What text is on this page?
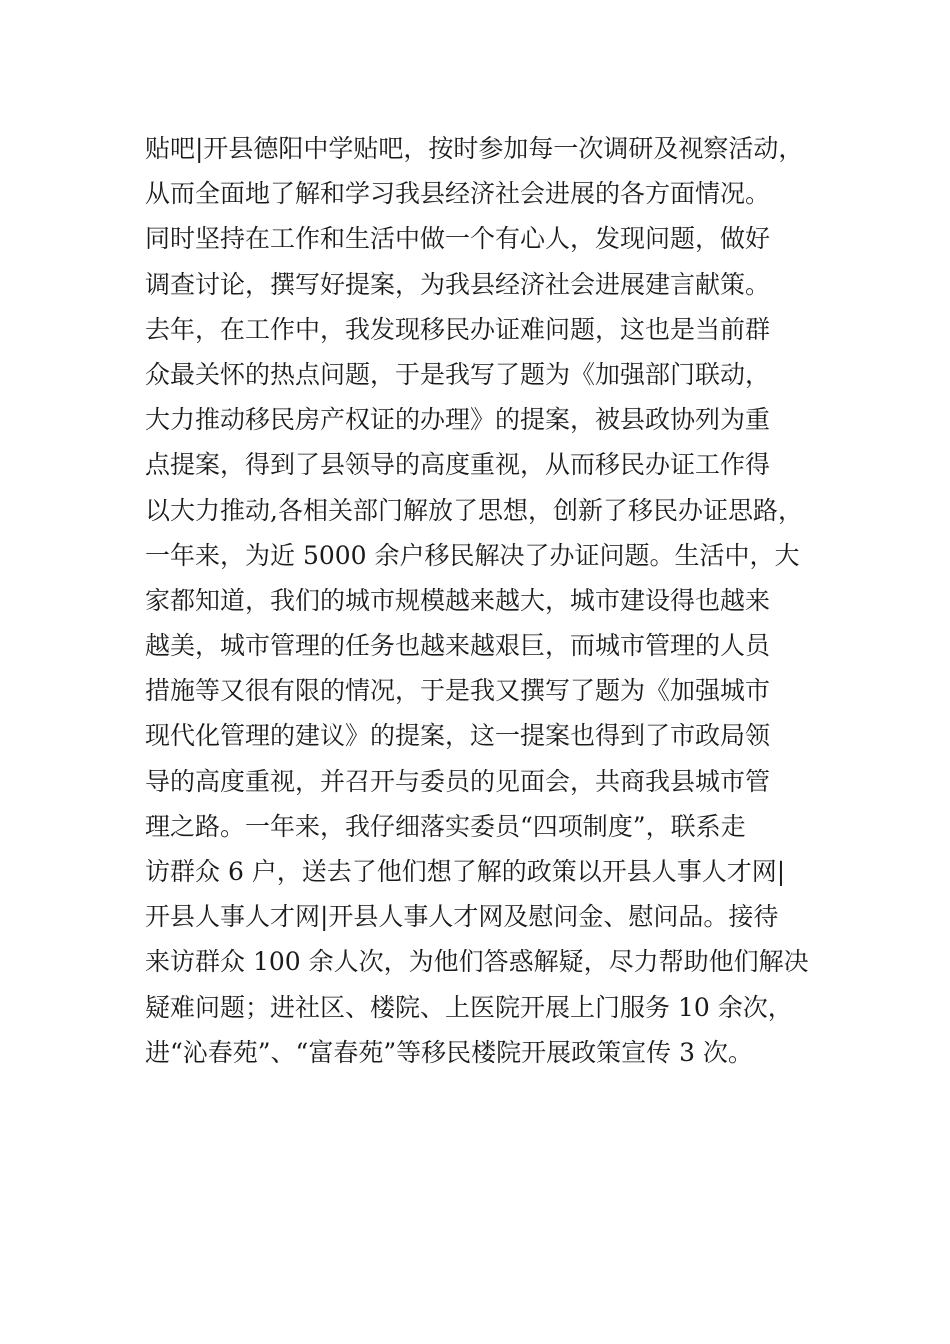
贴吧|开县德阳中学贴吧，按时参加每一次调研及视察活动，
从而全面地了解和学习我县经济社会进展的各方面情况。
同时坚持在工作和生活中做一个有心人，发现问题，做好
调查讨论，撰写好提案，为我县经济社会进展建言献策。
去年，在工作中，我发现移民办证难问题，这也是当前群
众最关怀的热点问题，于是我写了题为《加强部门联动，
大力推动移民房产权证的办理》的提案，被县政协列为重
点提案，得到了县领导的高度重视，从而移民办证工作得
以大力推动,各相关部门解放了思想，创新了移民办证思路，
一年来，为近 5000 余户移民解决了办证问题。生活中，大
家都知道，我们的城市规模越来越大，城市建设得也越来
越美，城市管理的任务也越来越艰巨，而城市管理的人员
措施等又很有限的情况，于是我又撰写了题为《加强城市
现代化管理的建议》的提案，这一提案也得到了市政局领
导的高度重视，并召开与委员的见面会，共商我县城市管
理之路。一年来，我仔细落实委员“四项制度”，联系走
访群众 6 户，送去了他们想了解的政策以开县人事人才网|
开县人事人才网|开县人事人才网及慰问金、慰问品。接待
来访群众 100 余人次，为他们答惑解疑，尽力帮助他们解决
疑难问题；进社区、楼院、上医院开展上门服务 10 余次，
进“沁春苑”、“富春苑”等移民楼院开展政策宣传 3 次。
